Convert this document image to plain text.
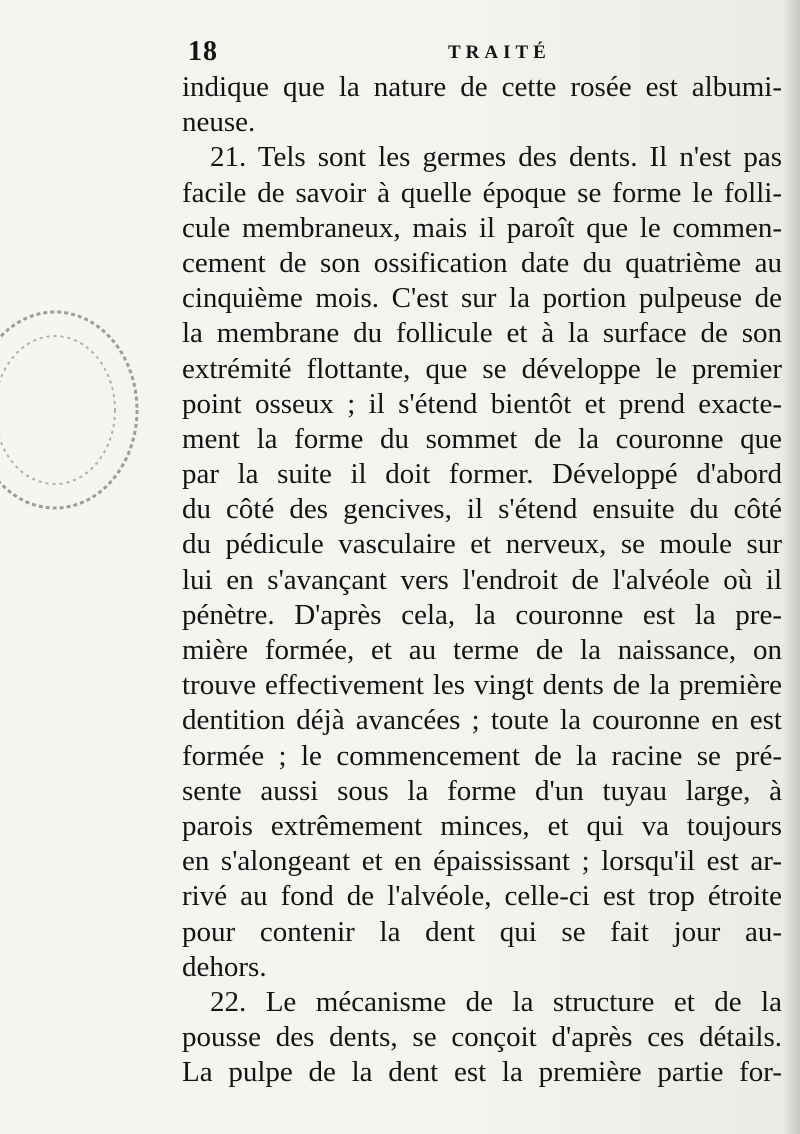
18	TRAITÉ
indique que la nature de cette rosée est albumi-
neuse.
21. Tels sont les germes des dents. Il n'est pas
facile de savoir à quelle époque se forme le folli-
cule membraneux, mais il paroît que le commen-
cement de son ossification date du quatrième au
cinquième mois. C'est sur la portion pulpeuse de
la membrane du follicule et à la surface de son
extrémité flottante, que se développe le premier
point osseux ; il s'étend bientôt et prend exacte-
ment la forme du sommet de la couronne que
par la suite il doit former. Développé d'abord
du côté des gencives, il s'étend ensuite du côté
du pédicule vasculaire et nerveux, se moule sur
lui en s'avançant vers l'endroit de l'alvéole où il
pénètre. D'après cela, la couronne est la pre-
mière formée, et au terme de la naissance, on
trouve effectivement les vingt dents de la première
dentition déjà avancées ; toute la couronne en est
formée ; le commencement de la racine se pré-
sente aussi sous la forme d'un tuyau large, à
parois extrêmement minces, et qui va toujours
en s'alongeant et en épaississant ; lorsqu'il est ar-
rivé au fond de l'alvéole, celle-ci est trop étroite
pour contenir la dent qui se fait jour au-
dehors.
22. Le mécanisme de la structure et de la
pousse des dents, se conçoit d'après ces détails.
La pulpe de la dent est la première partie for-
